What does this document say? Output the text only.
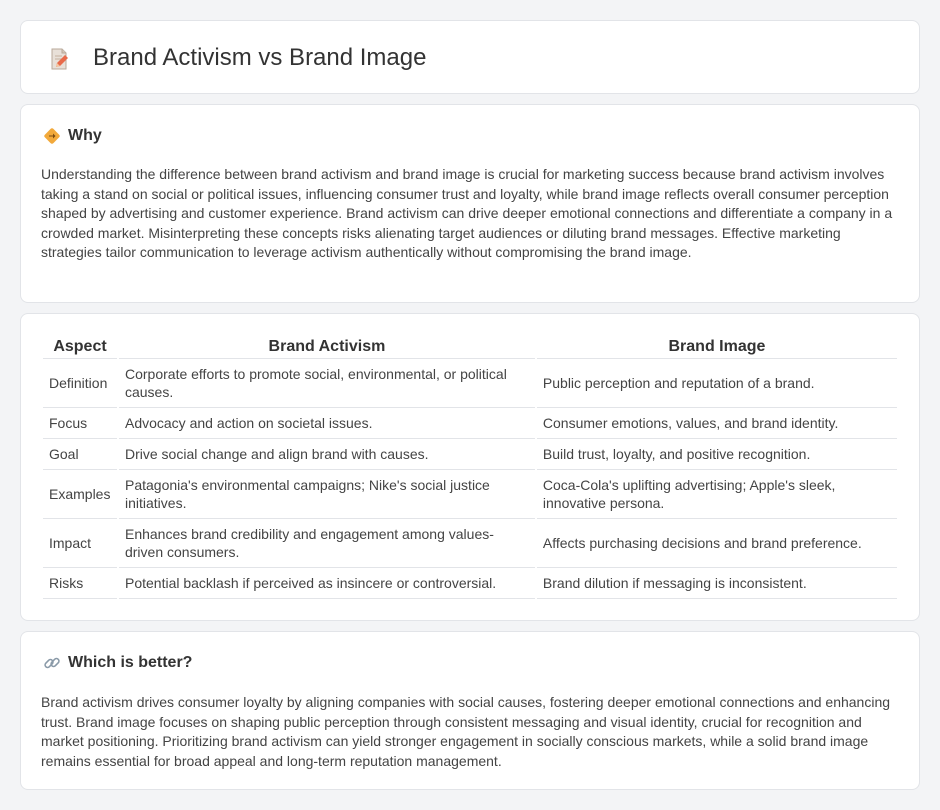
Brand Activism vs Brand Image
Why

Understanding the difference between brand activism and brand image is crucial for marketing success because brand activism involves taking a stand on social or political issues, influencing consumer trust and loyalty, while brand image reflects overall consumer perception shaped by advertising and customer experience. Brand activism can drive deeper emotional connections and differentiate a company in a crowded market. Misinterpreting these concepts risks alienating target audiences or diluting brand messages. Effective marketing strategies tailor communication to leverage activism authentically without compromising the brand image.

Aspect	Brand Activism	Brand Image
Definition	Corporate efforts to promote social, environmental, or political causes.	Public perception and reputation of a brand.
Focus	Advocacy and action on societal issues.	Consumer emotions, values, and brand identity.
Goal	Drive social change and align brand with causes.	Build trust, loyalty, and positive recognition.
Examples	Patagonia's environmental campaigns; Nike's social justice initiatives.	Coca-Cola's uplifting advertising; Apple's sleek, innovative persona.
Impact	Enhances brand credibility and engagement among values-driven consumers.	Affects purchasing decisions and brand preference.
Risks	Potential backlash if perceived as insincere or controversial.	Brand dilution if messaging is inconsistent.
Which is better?

Brand activism drives consumer loyalty by aligning companies with social causes, fostering deeper emotional connections and enhancing trust. Brand image focuses on shaping public perception through consistent messaging and visual identity, crucial for recognition and market positioning. Prioritizing brand activism can yield stronger engagement in socially conscious markets, while a solid brand image remains essential for broad appeal and long-term reputation management.
